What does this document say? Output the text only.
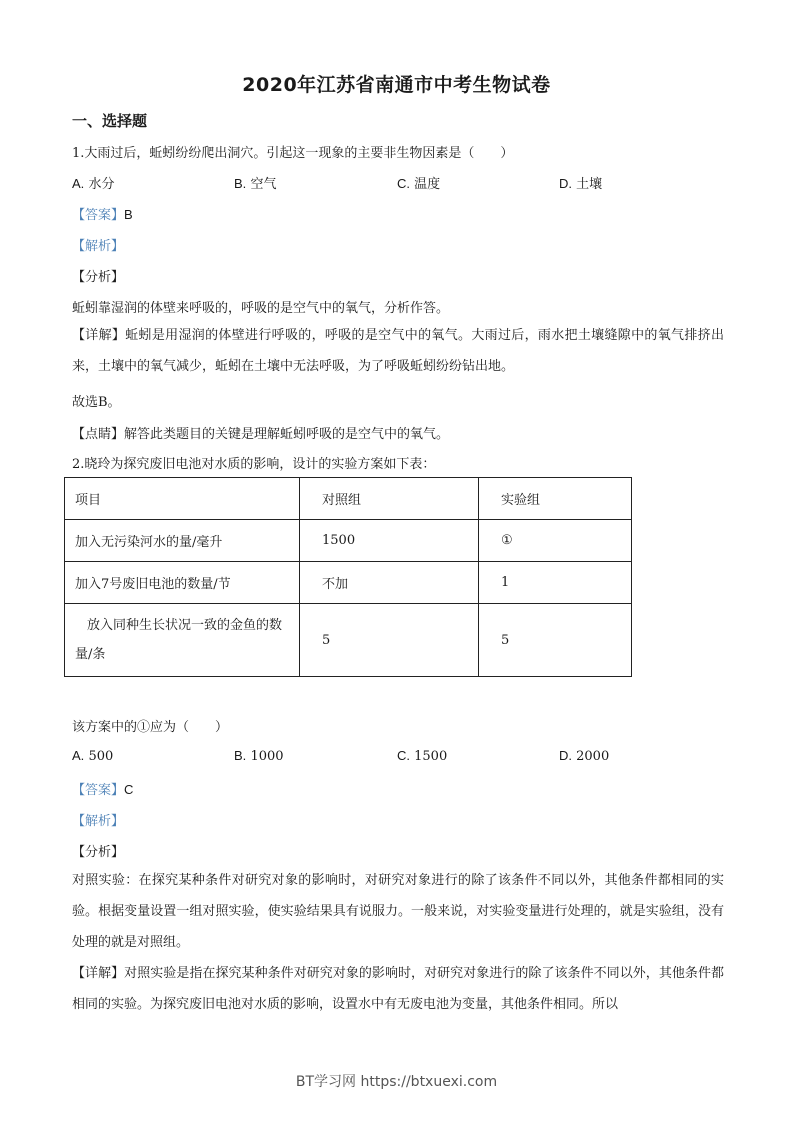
2020年江苏省南通市中考生物试卷
一、选择题
1.大雨过后，蚯蚓纷纷爬出洞穴。引起这一现象的主要非生物因素是（　　）
A. 水分	B. 空气	C. 温度	D. 土壤
【答案】B
【解析】
【分析】
蚯蚓靠湿润的体壁来呼吸的，呼吸的是空气中的氧气，分析作答。
【详解】蚯蚓是用湿润的体壁进行呼吸的，呼吸的是空气中的氧气。大雨过后，雨水把土壤缝隙中的氧气排挤出来，土壤中的氧气减少，蚯蚓在土壤中无法呼吸，为了呼吸蚯蚓纷纷钻出地。
故选B。
【点睛】解答此类题目的关键是理解蚯蚓呼吸的是空气中的氧气。
2.晓玲为探究废旧电池对水质的影响，设计的实验方案如下表：
项目	对照组	实验组
加入无污染河水的量/毫升	1500	①
加入7号废旧电池的数量/节	不加	1
放入同种生长状况一致的金鱼的数量/条	5	5
该方案中的①应为（　　）
A. 500	B. 1000	C. 1500	D. 2000
【答案】C
【解析】
【分析】
对照实验：在探究某种条件对研究对象的影响时，对研究对象进行的除了该条件不同以外，其他条件都相同的实验。根据变量设置一组对照实验，使实验结果具有说服力。一般来说，对实验变量进行处理的，就是实验组，没有处理的就是对照组。
【详解】对照实验是指在探究某种条件对研究对象的影响时，对研究对象进行的除了该条件不同以外，其他条件都相同的实验。为探究废旧电池对水质的影响，设置水中有无废电池为变量，其他条件相同。所以
BT学习网 https://btxuexi.com
